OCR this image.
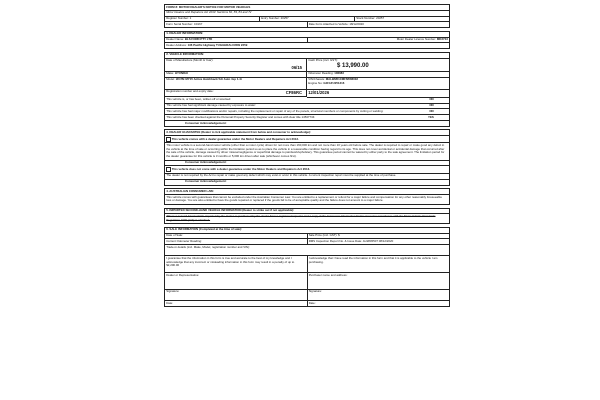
FORM 8: MOTOR DEALER'S NOTICE FOR MOTOR VEHICLES
Motor Dealers and Repairers Act 2013: Sections 82, 83, 84 and 72
Register Number: 1	Entry Number: 20257	Stock Number: 20257
Form Serial Number: C0167	Date Form Attached to Vehicle: 18/12/2020
1. DEALER INFORMATION:
Dealer Name: BLS FORD PTY LTD	Motor Dealer Licence Number: MD3723
Dealer Address: 136 Pacific Highway TUGGERAH NSW 2259
2. VEHICLE INFORMATION:
Date of Manufacture (Month & Year):
06/15
Cash Price (incl. GST):
$ 13,990.00
Make: HYUNDAI	Odometer Reading: 106083
Model: i20 PB MY15 Active Hatchback 5dr Auto 4sp 1.4i	VIN/Chassis: MALBM51CMFM586002
Engine No: G4FAFU251316
Registration number and expiry date:	CF86RC 12/01/2026
This vehicle is, or has been, written off or wrecked:	NO
This vehicle has had significant damage caused by exposure to water:	NO
This vehicle has had major modifications and/or repairs, including the replacement or repair of any of the panels, structural members or components by cutting or welding:	NO
This vehicle has been checked against the Personal Property Security Register and comes with clear title 14537734:	YES
Consumer Acknowledgement:
3. DEALER GUARANTEE (Dealer to tick applicable statement from below and consumer to acknowledge):
This vehicle comes with a dealer guarantee under the Motor Dealers and Repairers Act 2013.
This motor vehicle is a second-hand motor vehicle (other than a motor cycle) driven for not more than 160,000 km and not more than 10 years old before sale. The dealer is required to repair or make good any defect in the vehicle at the time of sale or occurring within the limitation period so as to place the vehicle in a reasonable condition having regard to its age. This does not cover accidental or accidental damage that occurred after the sale of the vehicle, damage caused by driver misuse/negligence or superficial damage to paintwork/upholstery. This guarantee period cannot be waived by either party to the sale agreement. The limitation period for the dealer guarantee for this vehicle is 3 months or 5,000 km driven after sale (whichever comes first).
Consumer Acknowledgement:
This vehicle does not come with a dealer guarantee under the Motor Dealers and Repairers Act 2013.
The dealer is not required by the Act to repair or make good any defect which may exist or occur in this vehicle. A current inspection report must be supplied at the time of purchase.
Consumer Acknowledgement:
4. AUSTRALIAN CONSUMER LAW:
This vehicle comes with guarantees that cannot be excluded under the Australian Consumer Law. You are entitled to a replacement or refund for a major failure and compensation for any other reasonably foreseeable loss or damage. You are also entitled to have the goods repaired or replaced if the goods fail to be of acceptable quality and the failure does not amount to a major failure.
5. IMPORTED SECOND-HAND VEHICLE INFORMATION (Dealer to strike out if not applicable):
This is a second-hand vehicle imported by the dealer or purchased by the dealer from a registered importer and a copy of the Consumer Information Notice issued in accordance with the Motor Vehicle Standards Regulation 1990 (Cth) is attached.
6. SALE INFORMATION (Completed at the time of sale):
Date of Sale:	Sale Price (incl. GST): $
Current Odometer Reading:	RMS Inspection Report No. & Issue Date: AU2845507 08/12/2020
Trade-in details (incl. Make, Model, registration number and VIN):
I guarantee that the information in this form is true and accurate to the best of my knowledge and I acknowledge that any incorrect or misleading information in this form may result in a penalty of up to $2,200.00
I acknowledge that I have read the information in this form and that it is applicable to the vehicle I am purchasing.
Dealer or Representative:	Purchaser name and address:
Signature:	Signature:
Date:	Date:
